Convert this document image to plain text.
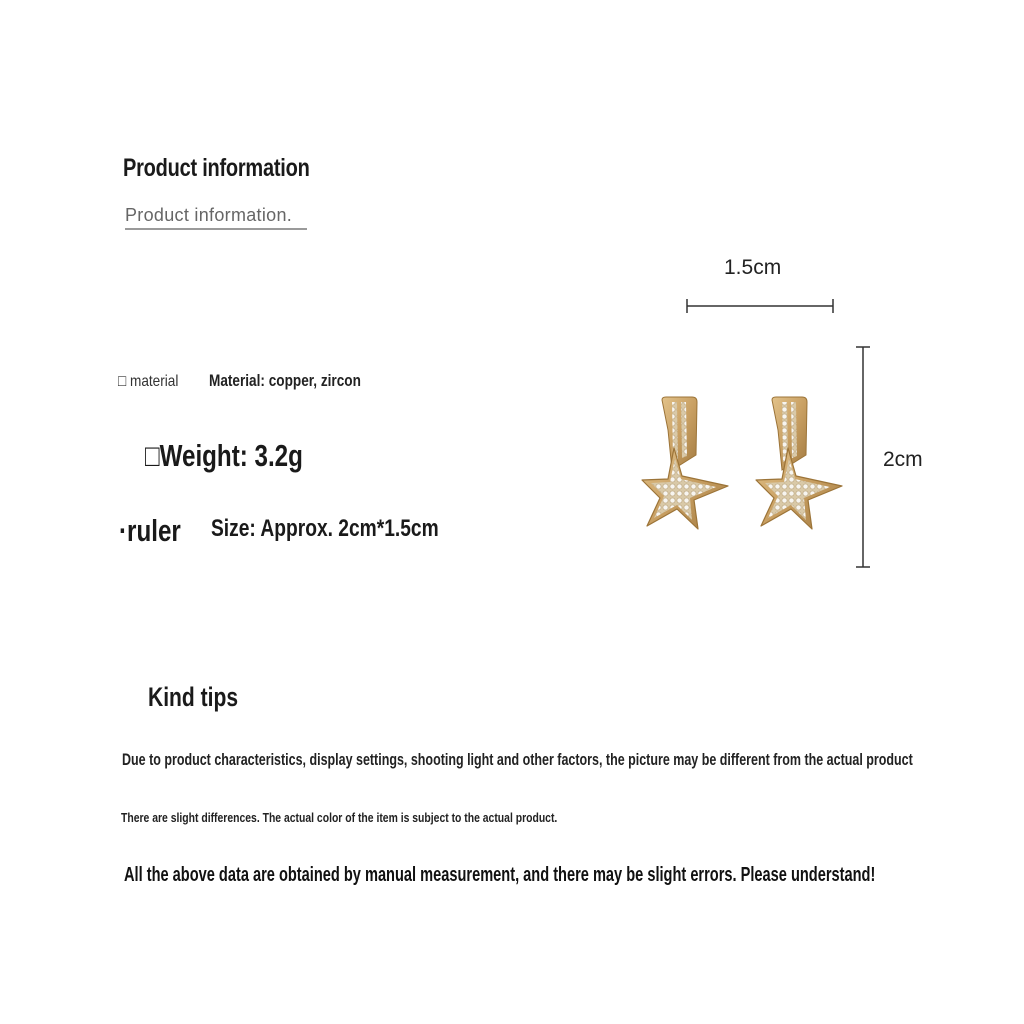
Product information
Product information.
□ material Material: copper, zircon
□Weight: 3.2g
·ruler Size: Approx. 2cm*1.5cm
1.5cm
2cm
Kind tips
Due to product characteristics, display settings, shooting light and other factors, the picture may be different from the actual product
There are slight differences. The actual color of the item is subject to the actual product.
All the above data are obtained by manual measurement, and there may be slight errors. Please understand!
